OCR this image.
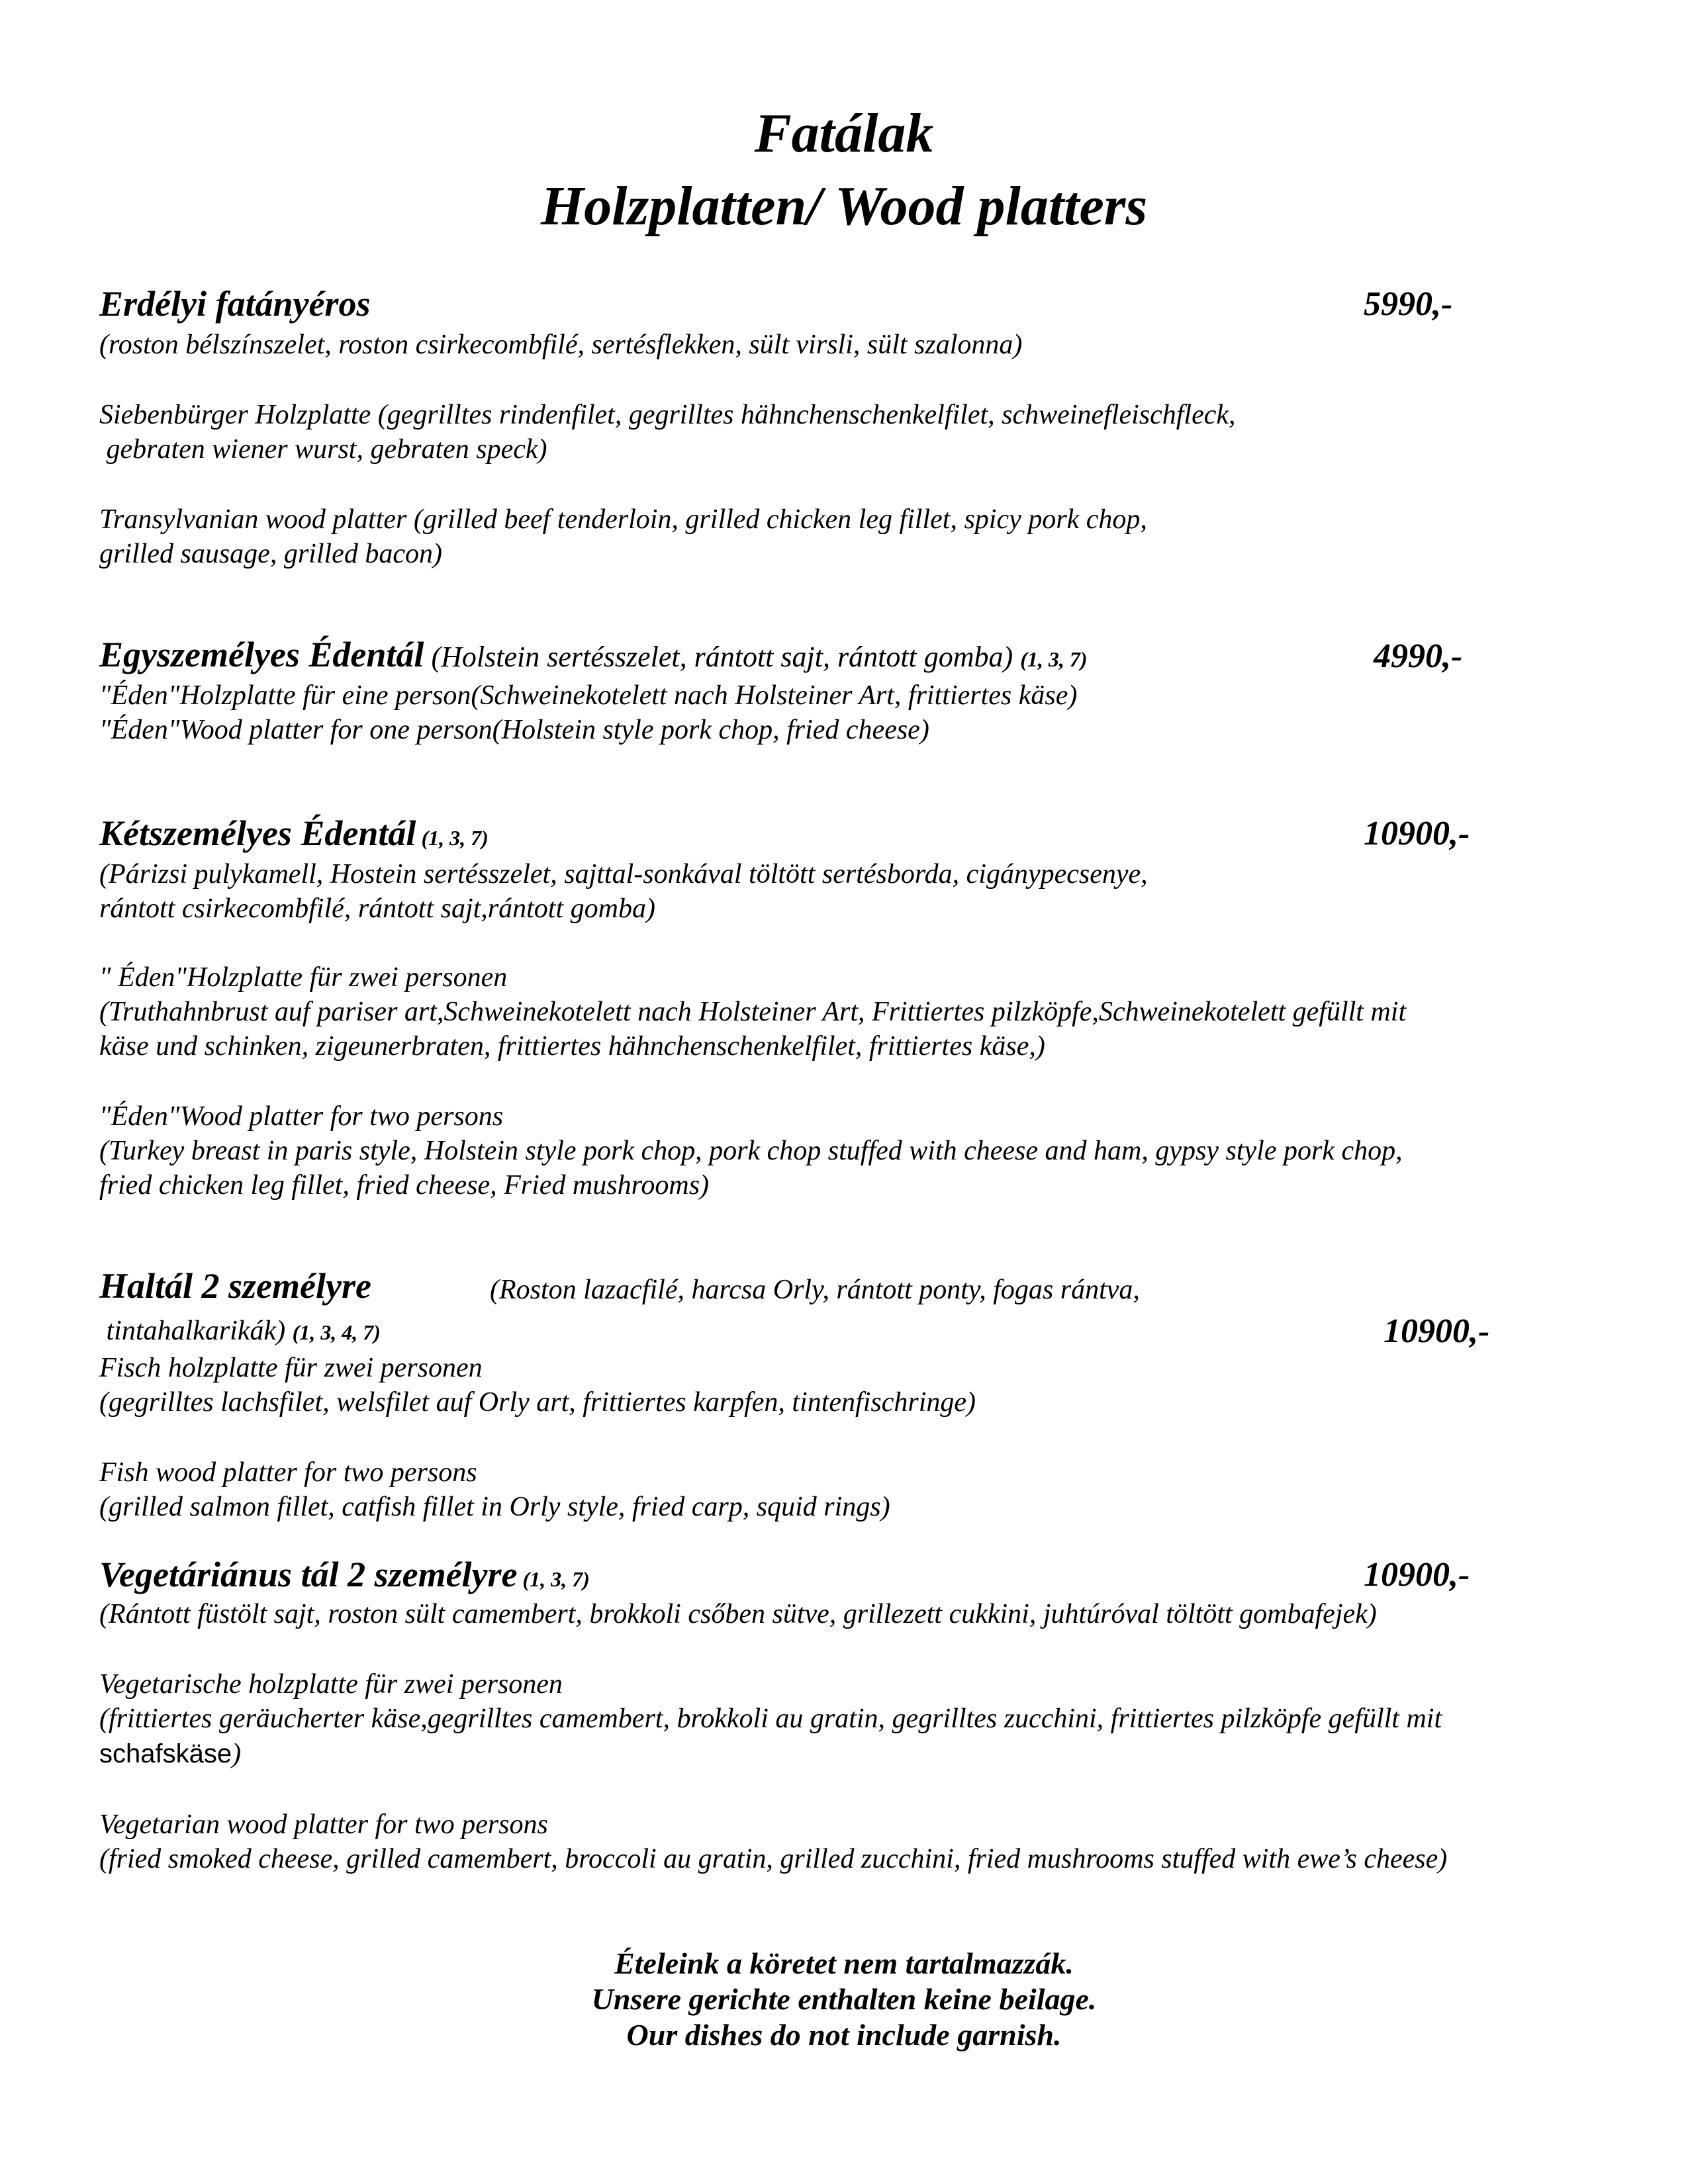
Fatálak
Holzplatten/ Wood platters
Erdélyi fatányéros	5990,-
(roston bélszínszelet, roston csirkecombfilé, sertésflekken, sült virsli, sült szalonna)
Siebenbürger Holzplatte (gegrilltes rindenfilet, gegrilltes hähnchenschenkelfilet, schweinefleischfleck,
gebraten wiener wurst, gebraten speck)
Transylvanian wood platter (grilled beef tenderloin, grilled chicken leg fillet, spicy pork chop,
grilled sausage, grilled bacon)
Egyszemélyes Édentál (Holstein sertésszelet, rántott sajt, rántott gomba) (1, 3, 7)	4990,-
"Éden"Holzplatte für eine person(Schweinekotelett nach Holsteiner Art, frittiertes käse)
"Éden"Wood platter for one person(Holstein style pork chop, fried cheese)
Kétszemélyes Édentál (1, 3, 7)	10900,-
(Párizsi pulykamell, Hostein sertésszelet, sajttal-sonkával töltött sertésborda, cigánypecsenye,
rántott csirkecombfilé, rántott sajt,rántott gomba)
" Éden"Holzplatte für zwei personen
(Truthahnbrust auf pariser art,Schweinekotelett nach Holsteiner Art, Frittiertes pilzköpfe,Schweinekotelett gefüllt mit
käse und schinken, zigeunerbraten, frittiertes hähnchenschenkelfilet, frittiertes käse,)
"Éden"Wood platter for two persons
(Turkey breast in paris style, Holstein style pork chop, pork chop stuffed with cheese and ham, gypsy style pork chop,
fried chicken leg fillet, fried cheese, Fried mushrooms)
Haltál 2 személyre	(Roston lazacfilé, harcsa Orly, rántott ponty, fogas rántva,
tintahalkarikák) (1, 3, 4, 7)	10900,-
Fisch holzplatte für zwei personen
(gegrilltes lachsfilet, welsfilet auf Orly art, frittiertes karpfen, tintenfischringe)
Fish wood platter for two persons
(grilled salmon fillet, catfish fillet in Orly style, fried carp, squid rings)
Vegetáriánus tál 2 személyre (1, 3, 7)	10900,-
(Rántott füstölt sajt, roston sült camembert, brokkoli csőben sütve, grillezett cukkini, juhtúróval töltött gombafejek)
Vegetarische holzplatte für zwei personen
(frittiertes geräucherter käse,gegrilltes camembert, brokkoli au gratin, gegrilltes zucchini, frittiertes pilzköpfe gefüllt mit
schafskäse)
Vegetarian wood platter for two persons
(fried smoked cheese, grilled camembert, broccoli au gratin, grilled zucchini, fried mushrooms stuffed with ewe’s cheese)
Ételeink a köretet nem tartalmazzák.
Unsere gerichte enthalten keine beilage.
Our dishes do not include garnish.
